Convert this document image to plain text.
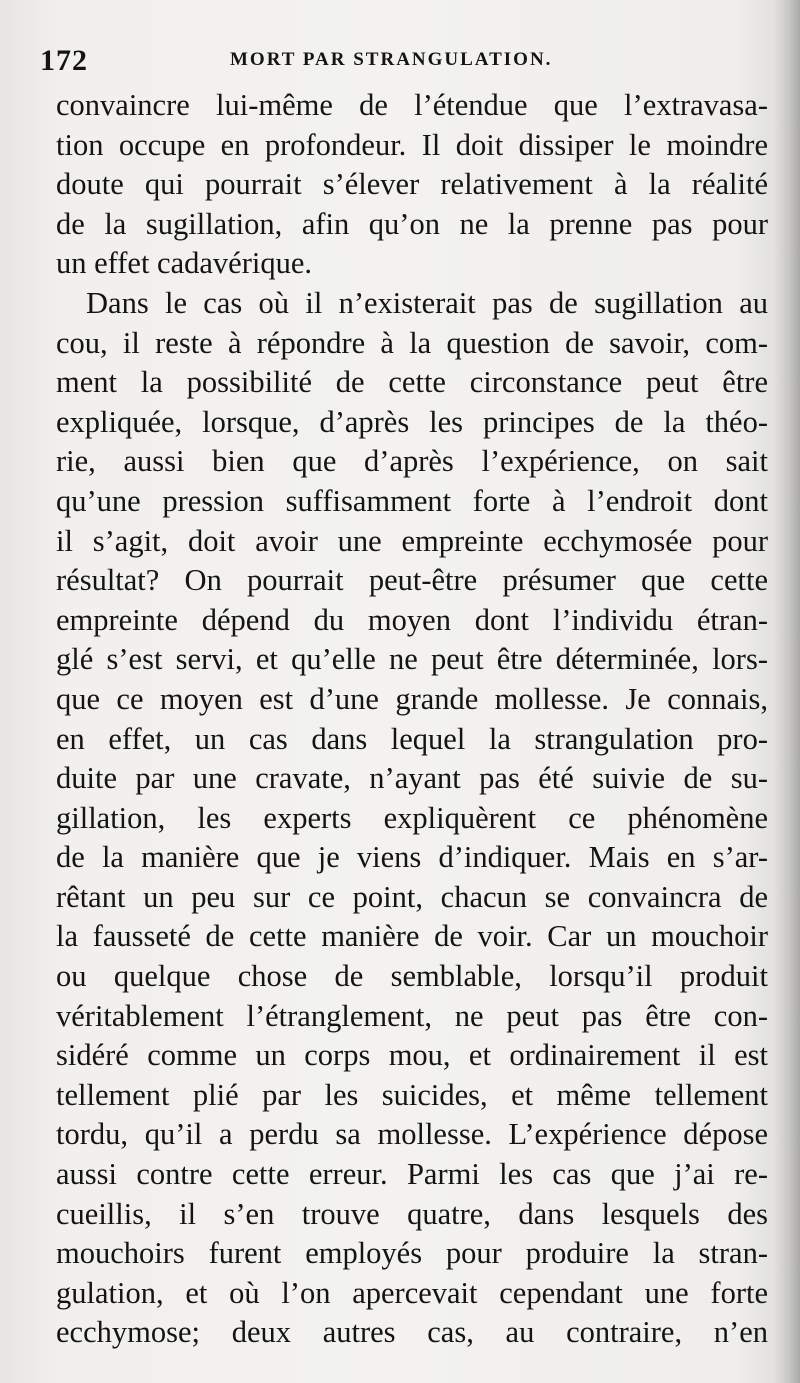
172	MORT PAR STRANGULATION.
convaincre lui-même de l’étendue que l’extravasa-
tion occupe en profondeur. Il doit dissiper le moindre
doute qui pourrait s’élever relativement à la réalité
de la sugillation, afin qu’on ne la prenne pas pour
un effet cadavérique.
Dans le cas où il n’existerait pas de sugillation au
cou, il reste à répondre à la question de savoir, com-
ment la possibilité de cette circonstance peut être
expliquée, lorsque, d’après les principes de la théo-
rie, aussi bien que d’après l’expérience, on sait
qu’une pression suffisamment forte à l’endroit dont
il s’agit, doit avoir une empreinte ecchymosée pour
résultat? On pourrait peut-être présumer que cette
empreinte dépend du moyen dont l’individu étran-
glé s’est servi, et qu’elle ne peut être déterminée, lors-
que ce moyen est d’une grande mollesse. Je connais,
en effet, un cas dans lequel la strangulation pro-
duite par une cravate, n’ayant pas été suivie de su-
gillation, les experts expliquèrent ce phénomène
de la manière que je viens d’indiquer. Mais en s’ar-
rêtant un peu sur ce point, chacun se convaincra de
la fausseté de cette manière de voir. Car un mouchoir
ou quelque chose de semblable, lorsqu’il produit
véritablement l’étranglement, ne peut pas être con-
sidéré comme un corps mou, et ordinairement il est
tellement plié par les suicides, et même tellement
tordu, qu’il a perdu sa mollesse. L’expérience dépose
aussi contre cette erreur. Parmi les cas que j’ai re-
cueillis, il s’en trouve quatre, dans lesquels des
mouchoirs furent employés pour produire la stran-
gulation, et où l’on apercevait cependant une forte
ecchymose; deux autres cas, au contraire, n’en
